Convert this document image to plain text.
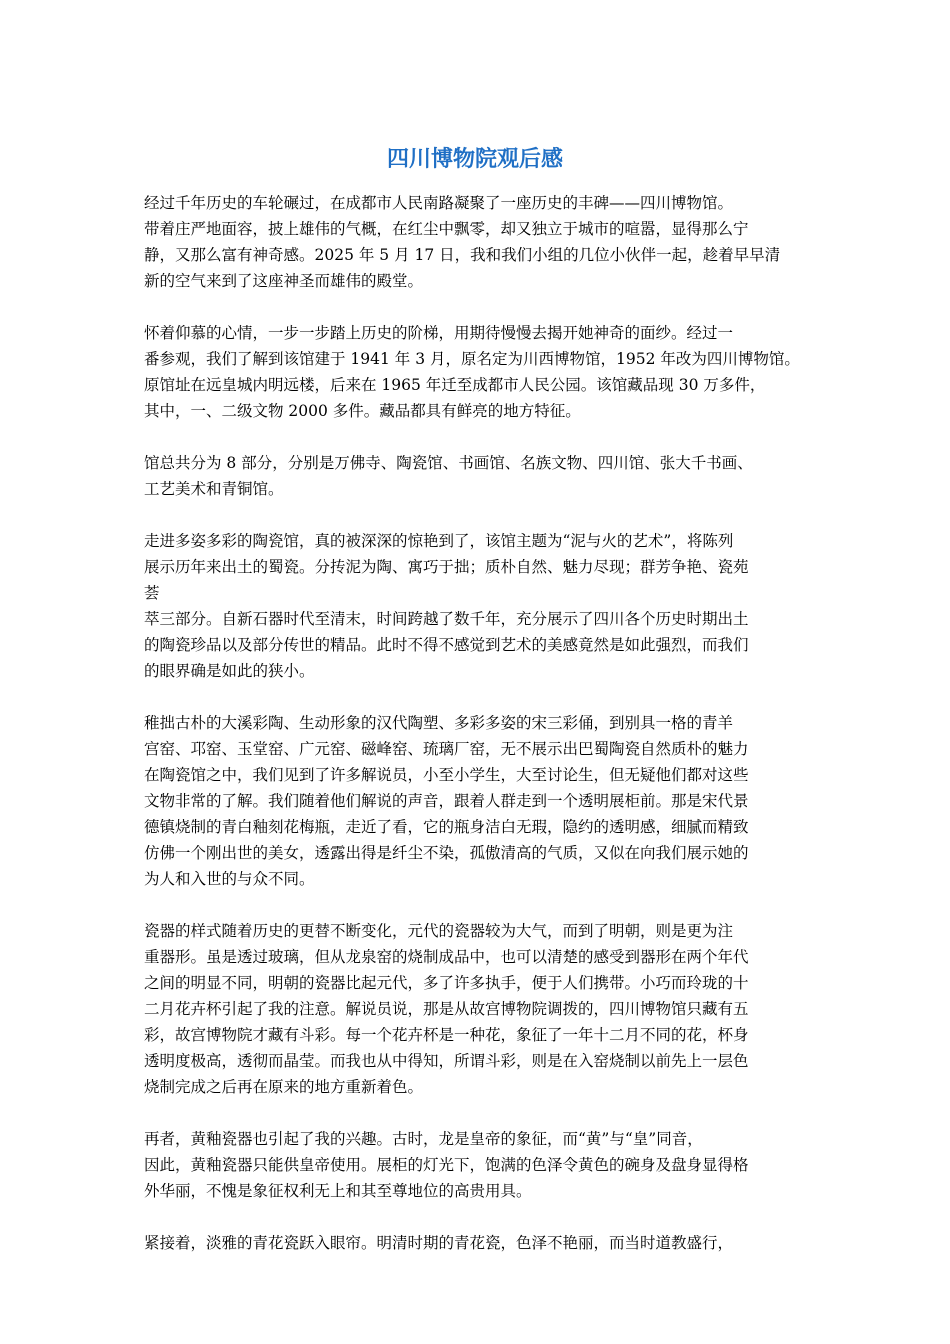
四川博物院观后感
经过千年历史的车轮碾过，在成都市人民南路凝聚了一座历史的丰碑——四川博物馆。
带着庄严地面容，披上雄伟的气概，在红尘中飘零，却又独立于城市的喧嚣，显得那么宁
静，又那么富有神奇感。2025 年 5 月 17 日，我和我们小组的几位小伙伴一起，趁着早早清
新的空气来到了这座神圣而雄伟的殿堂。
怀着仰慕的心情，一步一步踏上历史的阶梯，用期待慢慢去揭开她神奇的面纱。经过一
番参观，我们了解到该馆建于 1941 年 3 月，原名定为川西博物馆，1952 年改为四川博物馆。
原馆址在远皇城内明远楼，后来在 1965 年迁至成都市人民公园。该馆藏品现 30 万多件，
其中，一、二级文物 2000 多件。藏品都具有鲜亮的地方特征。
馆总共分为 8 部分，分别是万佛寺、陶瓷馆、书画馆、名族文物、四川馆、张大千书画、
工艺美术和青铜馆。
走进多姿多彩的陶瓷馆，真的被深深的惊艳到了，该馆主题为“泥与火的艺术”，将陈列
展示历年来出土的蜀瓷。分抟泥为陶、寓巧于拙；质朴自然、魅力尽现；群芳争艳、瓷苑
荟
萃三部分。自新石器时代至清末，时间跨越了数千年，充分展示了四川各个历史时期出土
的陶瓷珍品以及部分传世的精品。此时不得不感觉到艺术的美感竟然是如此强烈，而我们
的眼界确是如此的狭小。
稚拙古朴的大溪彩陶、生动形象的汉代陶塑、多彩多姿的宋三彩俑，到别具一格的青羊
宫窑、邛窑、玉堂窑、广元窑、磁峰窑、琉璃厂窑，无不展示出巴蜀陶瓷自然质朴的魅力
在陶瓷馆之中，我们见到了许多解说员，小至小学生，大至讨论生，但无疑他们都对这些
文物非常的了解。我们随着他们解说的声音，跟着人群走到一个透明展柜前。那是宋代景
德镇烧制的青白釉刻花梅瓶，走近了看，它的瓶身洁白无瑕，隐约的透明感，细腻而精致
仿佛一个刚出世的美女，透露出得是纤尘不染，孤傲清高的气质，又似在向我们展示她的
为人和入世的与众不同。
瓷器的样式随着历史的更替不断变化，元代的瓷器较为大气，而到了明朝，则是更为注
重器形。虽是透过玻璃，但从龙泉窑的烧制成品中，也可以清楚的感受到器形在两个年代
之间的明显不同，明朝的瓷器比起元代，多了许多执手，便于人们携带。小巧而玲珑的十
二月花卉杯引起了我的注意。解说员说，那是从故宫博物院调拨的，四川博物馆只藏有五
彩，故宫博物院才藏有斗彩。每一个花卉杯是一种花，象征了一年十二月不同的花，杯身
透明度极高，透彻而晶莹。而我也从中得知，所谓斗彩，则是在入窑烧制以前先上一层色
烧制完成之后再在原来的地方重新着色。
再者，黄釉瓷器也引起了我的兴趣。古时，龙是皇帝的象征，而“黄”与“皇”同音，
因此，黄釉瓷器只能供皇帝使用。展柜的灯光下，饱满的色泽令黄色的碗身及盘身显得格
外华丽，不愧是象征权利无上和其至尊地位的高贵用具。
紧接着，淡雅的青花瓷跃入眼帘。明清时期的青花瓷，色泽不艳丽，而当时道教盛行，
